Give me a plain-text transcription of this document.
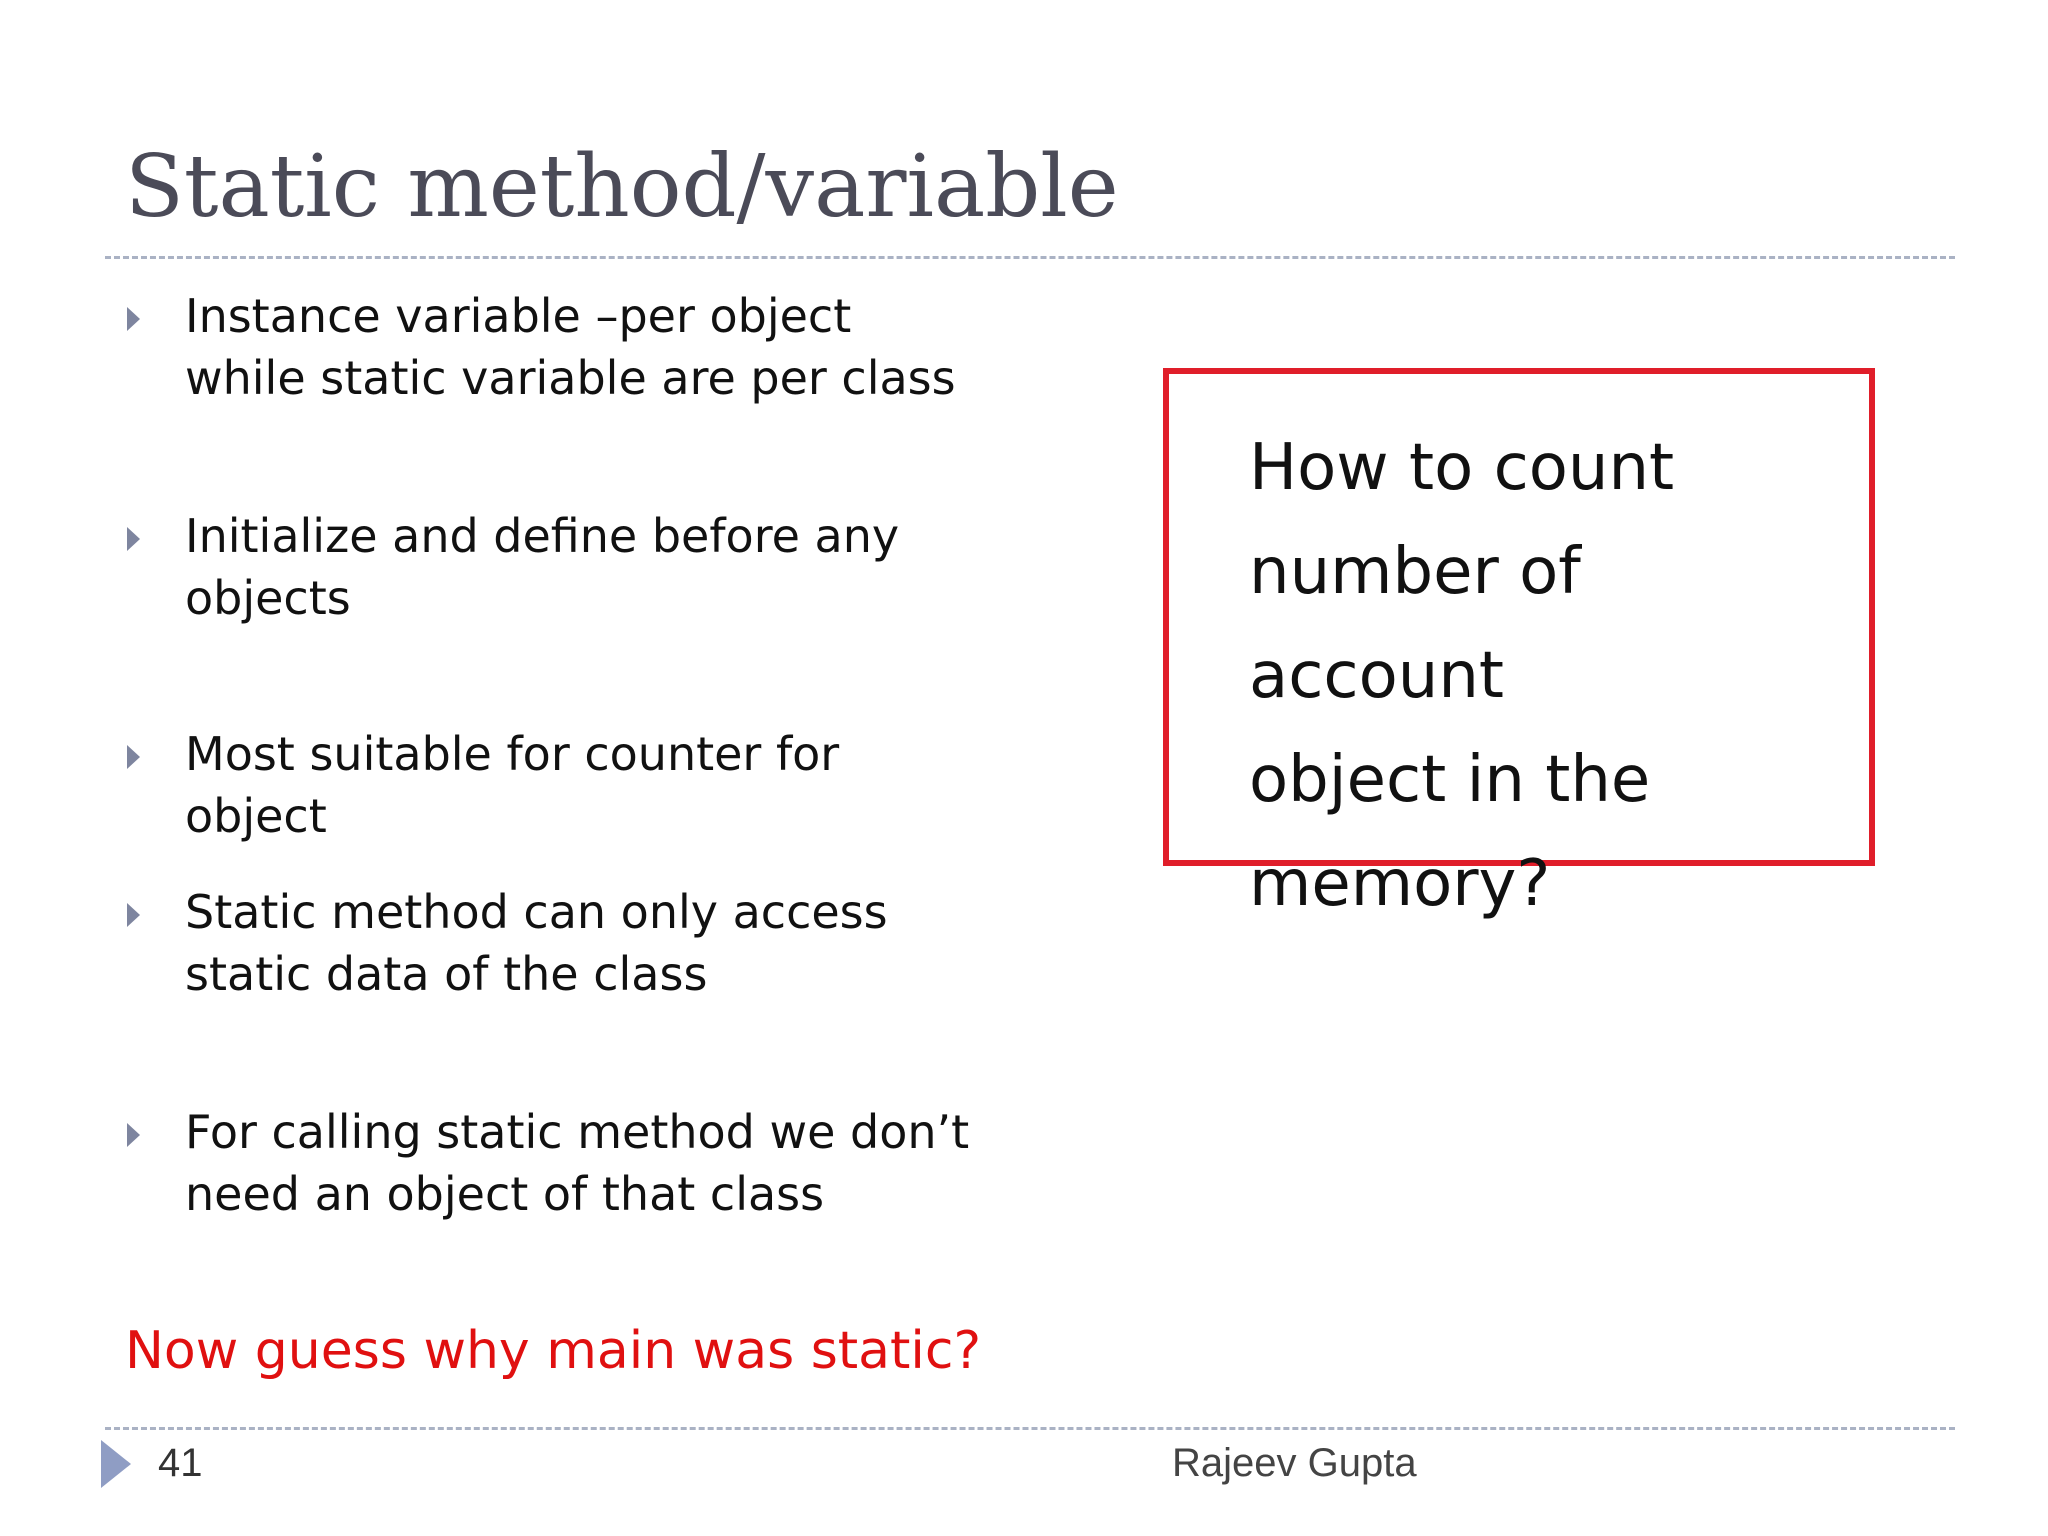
Static method/variable
Instance variable –per object while static variable are per class
Initialize and define before any objects
Most suitable for counter for object
Static method can only access static data of the class
For calling static method we don’t need an object of that class
How to count
number of account
object in the
memory?
Now guess why main was static?
41	Rajeev Gupta
